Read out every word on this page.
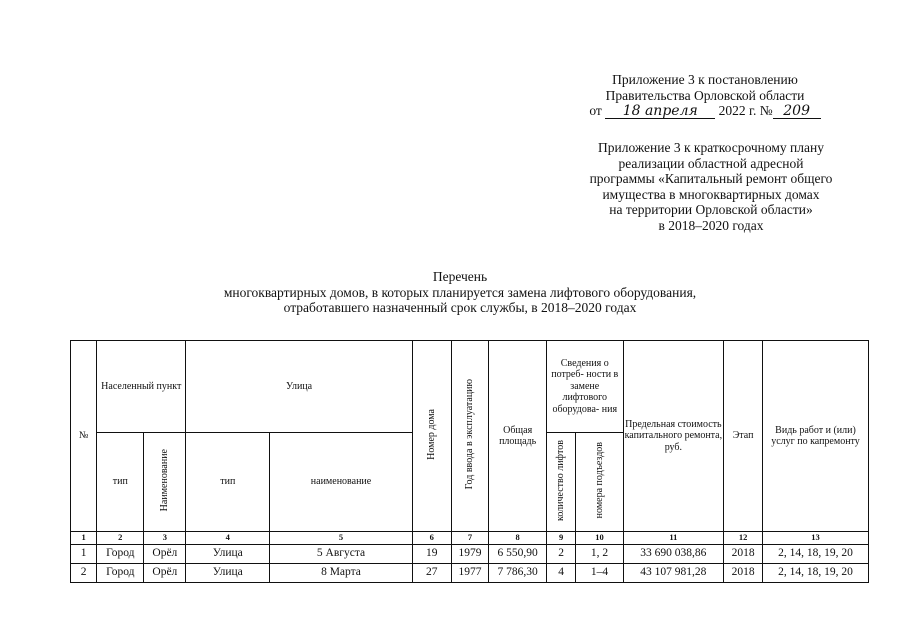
Приложение 3 к постановлению
Правительства Орловской области
от 18 апреля 2022 г. № 209
Приложение 3 к краткосрочному плану
реализации областной адресной
программы «Капитальный ремонт общего
имущества в многоквартирных домах
на территории Орловской области»
в 2018–2020 годах
Перечень
многоквартирных домов, в которых планируется замена лифтового оборудования,
отработавшего назначенный срок службы, в 2018–2020 годах
№	Населенный пункт		Улица		Номер дома	Год ввода в эксплуатацию	Общая площадь	Сведения о потреб- ности в замене лифтового оборудова- ния		Предельная стоимость капитального ремонта, руб.	Этап	Видь работ и (или) услуг по капремонту
	тип	Наименование	тип	наименование				количество лифтов	номера подъездов			
1	2	3	4	5	6	7	8	9	10	11	12	13
1	Город	Орёл	Улица	5 Августа	19	1979	6 550,90	2	1, 2	33 690 038,86	2018	2, 14, 18, 19, 20
2	Город	Орёл	Улица	8 Марта	27	1977	7 786,30	4	1–4	43 107 981,28	2018	2, 14, 18, 19, 20
